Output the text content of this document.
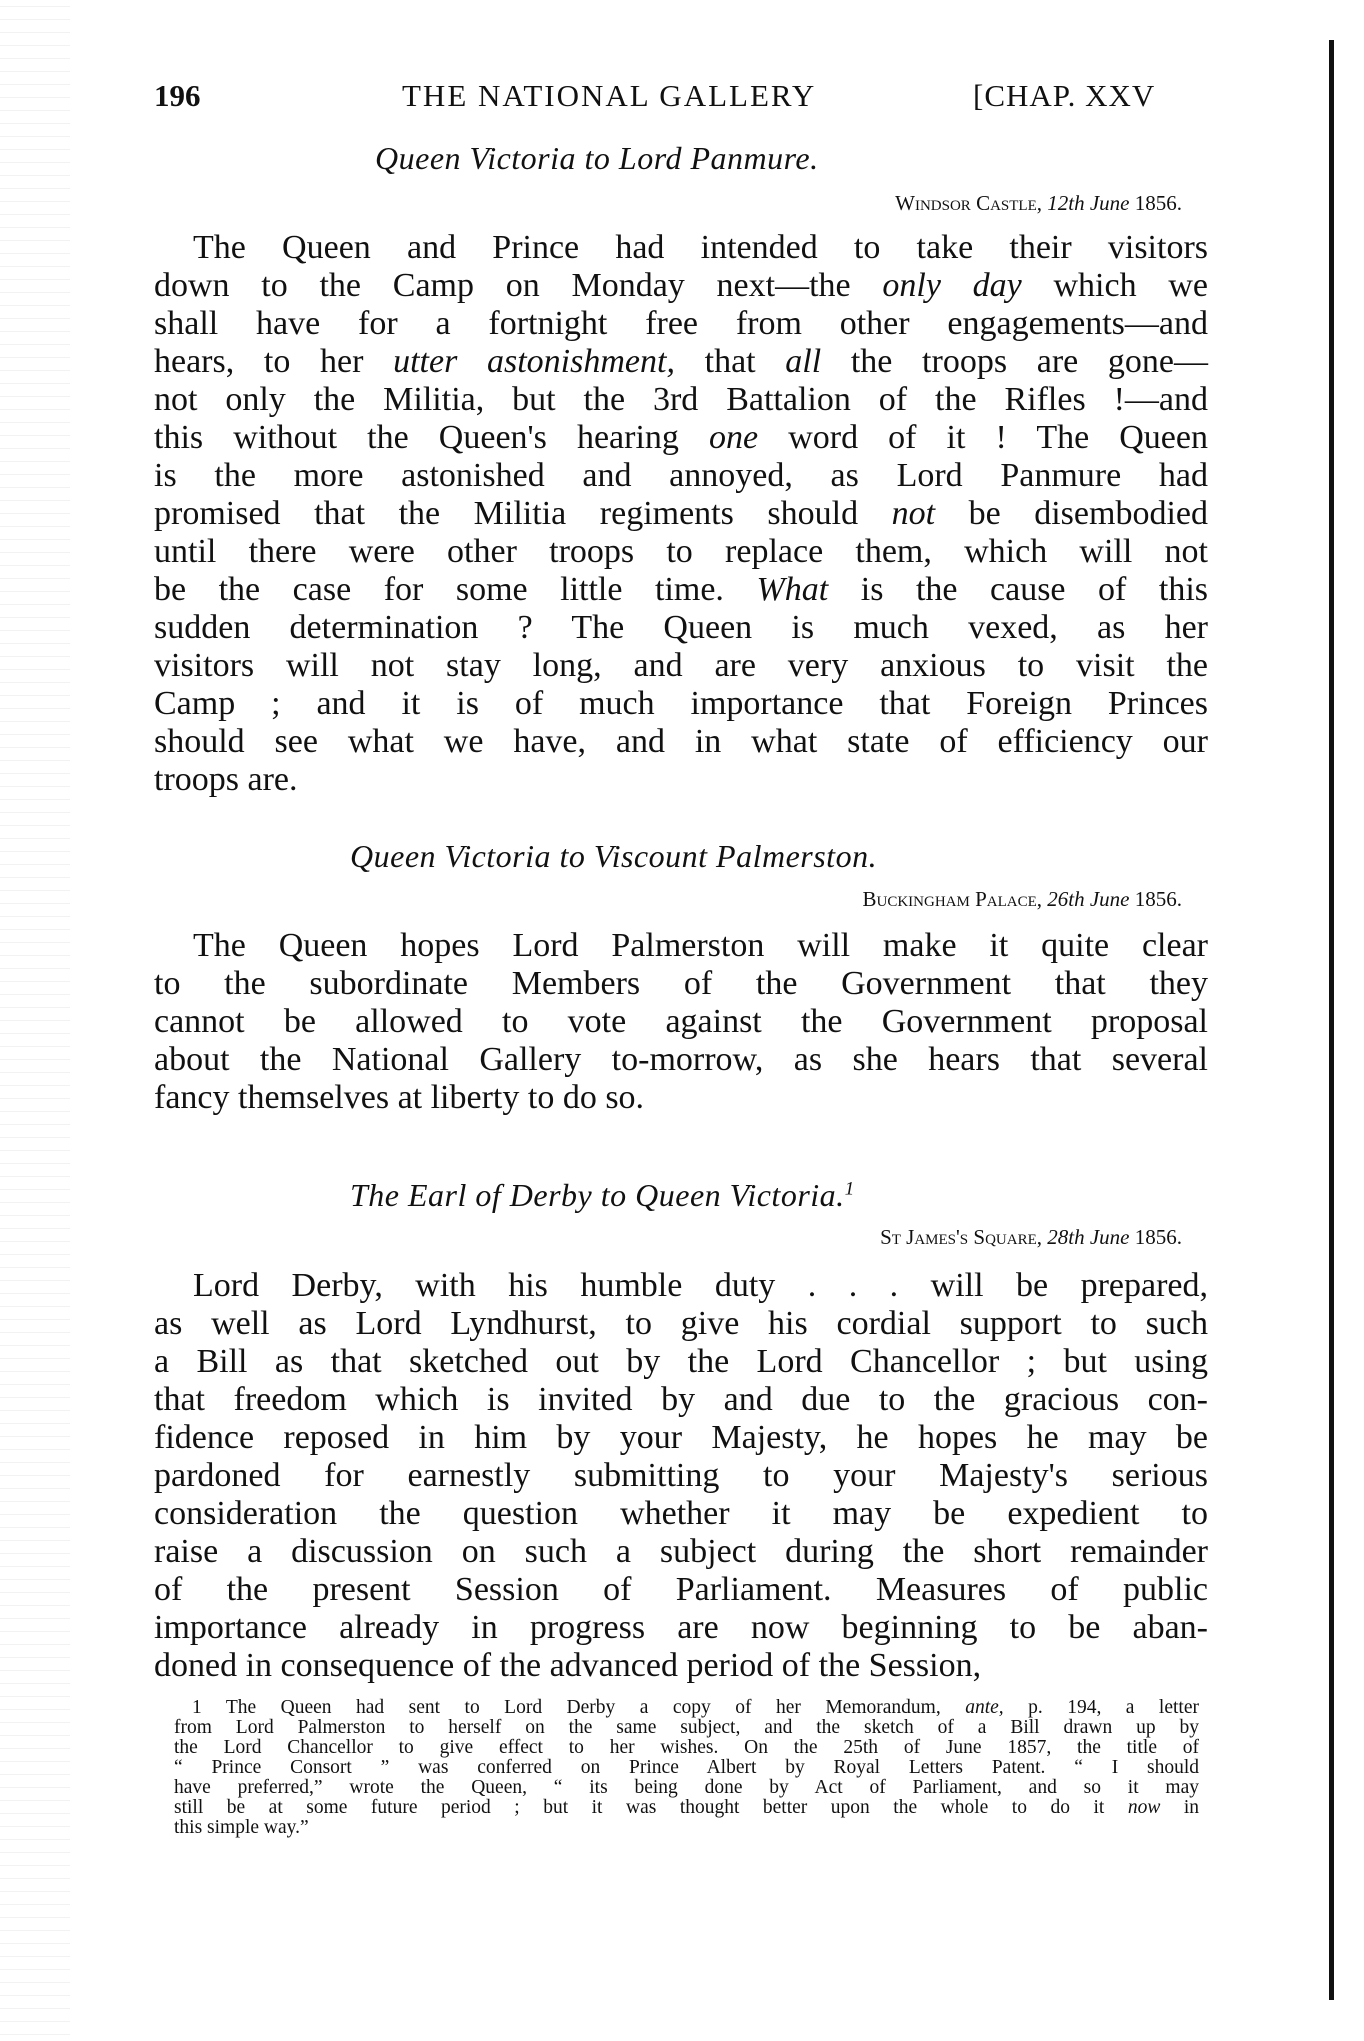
196	THE NATIONAL GALLERY	[CHAP. XXV
Queen Victoria to Lord Panmure.
Windsor Castle, 12th June 1856.
The Queen and Prince had intended to take their visitors
down to the Camp on Monday next—the only day which we
shall have for a fortnight free from other engagements—and
hears, to her utter astonishment, that all the troops are gone—
not only the Militia, but the 3rd Battalion of the Rifles !—and
this without the Queen's hearing one word of it ! The Queen
is the more astonished and annoyed, as Lord Panmure had
promised that the Militia regiments should not be disembodied
until there were other troops to replace them, which will not
be the case for some little time. What is the cause of this
sudden determination ? The Queen is much vexed, as her
visitors will not stay long, and are very anxious to visit the
Camp ; and it is of much importance that Foreign Princes
should see what we have, and in what state of efficiency our
troops are.
Queen Victoria to Viscount Palmerston.
Buckingham Palace, 26th June 1856.
The Queen hopes Lord Palmerston will make it quite clear
to the subordinate Members of the Government that they
cannot be allowed to vote against the Government proposal
about the National Gallery to-morrow, as she hears that several
fancy themselves at liberty to do so.
The Earl of Derby to Queen Victoria.$^1$
St James's Square, 28th June 1856.
Lord Derby, with his humble duty . . . will be prepared,
as well as Lord Lyndhurst, to give his cordial support to such
a Bill as that sketched out by the Lord Chancellor ; but using
that freedom which is invited by and due to the gracious con-
fidence reposed in him by your Majesty, he hopes he may be
pardoned for earnestly submitting to your Majesty's serious
consideration the question whether it may be expedient to
raise a discussion on such a subject during the short remainder
of the present Session of Parliament. Measures of public
importance already in progress are now beginning to be aban-
doned in consequence of the advanced period of the Session,
1 The Queen had sent to Lord Derby a copy of her Memorandum, ante, p. 194, a letter
from Lord Palmerston to herself on the same subject, and the sketch of a Bill drawn up by
the Lord Chancellor to give effect to her wishes. On the 25th of June 1857, the title of
“ Prince Consort ” was conferred on Prince Albert by Royal Letters Patent. “ I should
have preferred,” wrote the Queen, “ its being done by Act of Parliament, and so it may
still be at some future period ; but it was thought better upon the whole to do it now in
this simple way.”
